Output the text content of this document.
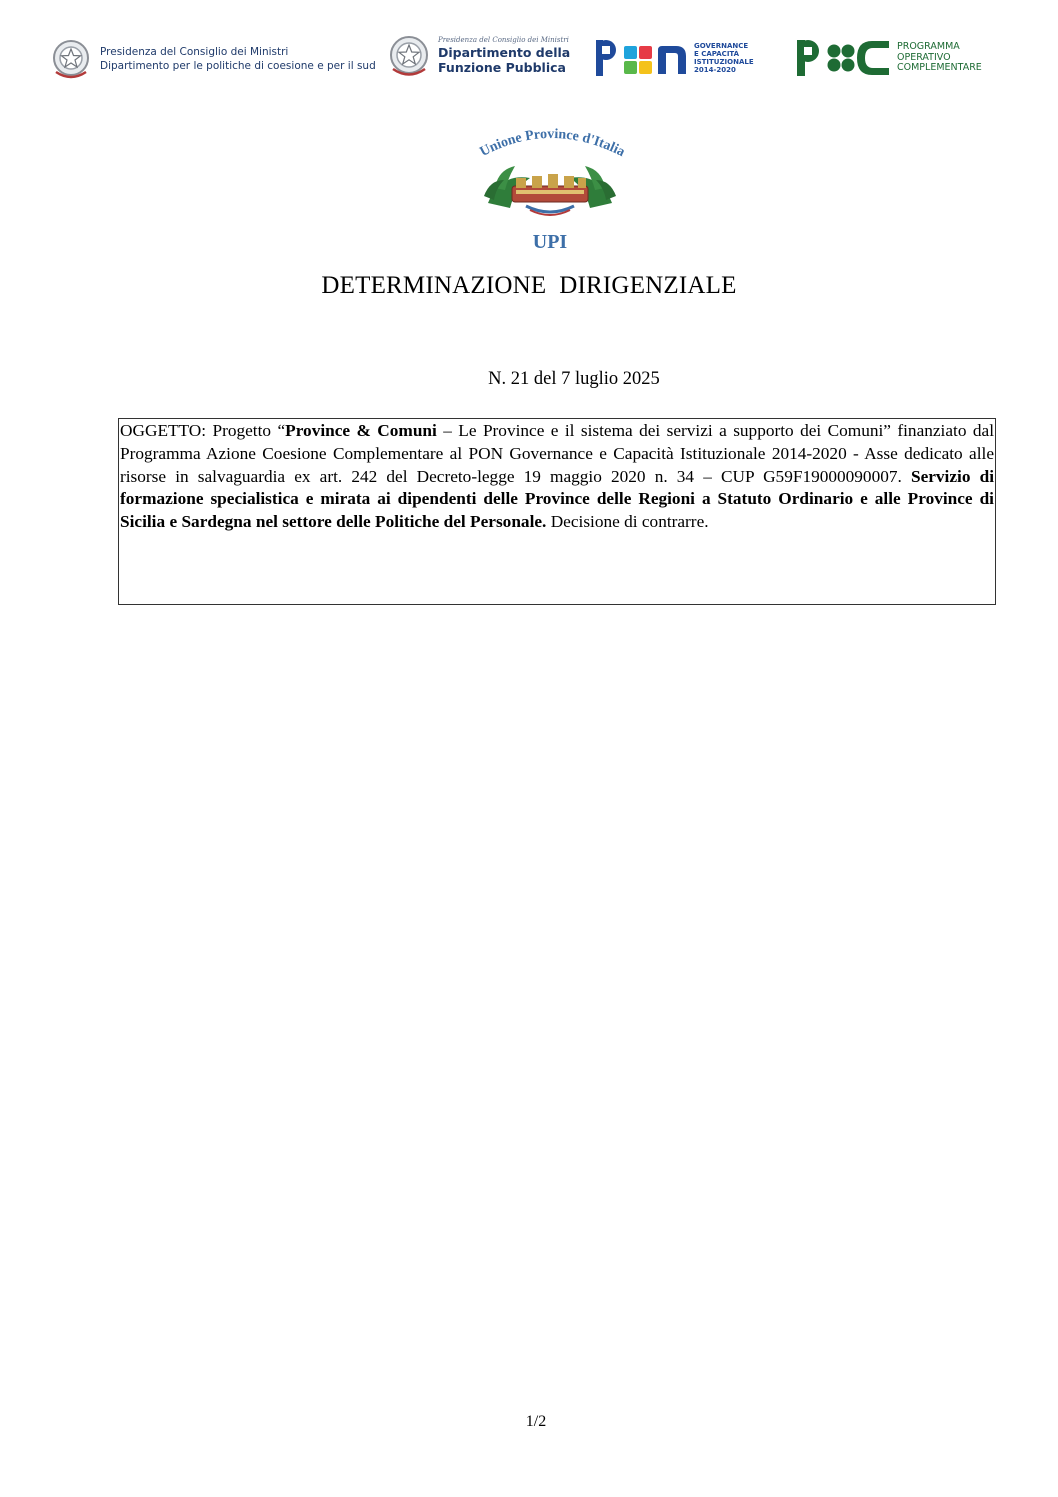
Presidenza del Consiglio dei Ministri
Dipartimento per le politiche di coesione e per il sud
Presidenza del Consiglio dei Ministri
Dipartimento della
Funzione Pubblica
GOVERNANCE
E CAPACITÀ
ISTITUZIONALE
2014-2020
PROGRAMMA
OPERATIVO
COMPLEMENTARE
Unione Province d'Italia
UPI
DETERMINAZIONE  DIRIGENZIALE
N. 21 del 7 luglio 2025
OGGETTO: Progetto “Province & Comuni – Le Province e il sistema dei servizi a supporto dei Comuni” finanziato dal Programma Azione Coesione Complementare al PON Governance e Capacità Istituzionale 2014-2020 - Asse dedicato alle risorse in salvaguardia ex art. 242 del Decreto-legge 19 maggio 2020 n. 34 – CUP G59F19000090007. Servizio di formazione specialistica e mirata ai dipendenti delle Province delle Regioni a Statuto Ordinario e alle Province di Sicilia e Sardegna nel settore delle Politiche del Personale. Decisione di contrarre.
1/2
